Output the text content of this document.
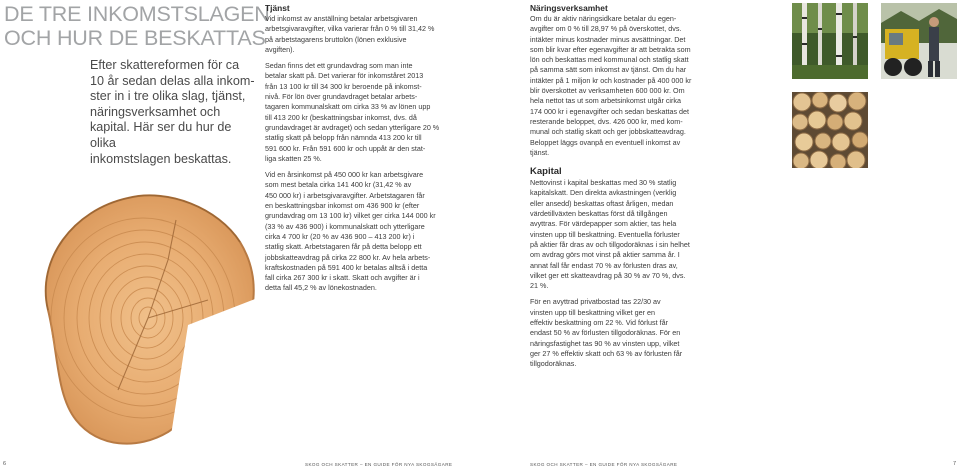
DE TRE INKOMSTSLAGEN
OCH HUR DE BESKATTAS
Efter skattereformen för ca
10 år sedan delas alla inkom-
ster in i tre olika slag, tjänst,
näringsverksamhet och
kapital. Här ser du hur de olika
inkomstslagen beskattas.
Tjänst
Vid inkomst av anställning betalar arbetsgivaren
arbetsgivaravgifter, vilka varierar från 0 % till 31,42 %
på arbetstagarens bruttolön (lönen exklusive
avgiften).
Sedan finns det ett grundavdrag som man inte
betalar skatt på. Det varierar för inkomståret 2013
från 13 100 kr till 34 300 kr beroende på inkomst-
nivå. För lön över grundavdraget betalar arbets-
tagaren kommunalskatt om cirka 33 % av lönen upp
till 413 200 kr (beskattningsbar inkomst, dvs. då
grundavdraget är avdraget) och sedan ytterligare 20 %
statlig skatt på belopp från nämnda 413 200 kr till
591 600 kr. Från 591 600 kr och uppåt är den stat-
liga skatten 25 %.
Vid en årsinkomst på 450 000 kr kan arbetsgivare
som mest betala cirka 141 400 kr (31,42 % av
450 000 kr) i arbetsgivaravgifter. Arbetstagaren får
en beskattningsbar inkomst om 436 900 kr (efter
grundavdrag om 13 100 kr) vilket ger cirka 144 000 kr
(33 % av 436 900) i kommunalskatt och ytterligare
cirka 4 700 kr (20 % av 436 900 – 413 200 kr) i
statlig skatt. Arbetstagaren får på detta belopp ett
jobbskatteavdrag på cirka 22 800 kr. Av hela arbets-
kraftskostnaden på 591 400 kr betalas alltså i detta
fall cirka 267 300 kr i skatt. Skatt och avgifter är i
detta fall 45,2 % av lönekostnaden.
Näringsverksamhet
Om du är aktiv näringsidkare betalar du egen-
avgifter om 0 % till 28,97 % på överskottet, dvs.
intäkter minus kostnader minus avsättningar. Det
som blir kvar efter egenavgifter är att betrakta som
lön och beskattas med kommunal och statlig skatt
på samma sätt som inkomst av tjänst. Om du har
intäkter på 1 miljon kr och kostnader på 400 000 kr
blir överskottet av verksamheten 600 000 kr. Om
hela nettot tas ut som arbetsinkomst utgår cirka
174 000 kr i egenavgifter och sedan beskattas det
resterande beloppet, dvs. 426 000 kr, med kom-
munal och statlig skatt och ger jobbskatteavdrag.
Beloppet läggs ovanpå en eventuell inkomst av
tjänst.
Kapital
Nettovinst i kapital beskattas med 30 % statlig
kapitalskatt. Den direkta avkastningen (verklig
eller ansedd) beskattas oftast årligen, medan
värdetillväxten beskattas först då tillgången
avyttras. För värdepapper som aktier, tas hela
vinsten upp till beskattning. Eventuella förluster
på aktier får dras av och tillgodoräknas i sin helhet
om avdrag görs mot vinst på aktier samma år. I
annat fall får endast 70 % av förlusten dras av,
vilket ger ett skatteavdrag på 30 % av 70 %, dvs.
21 %.
För en avyttrad privatbostad tas 22/30 av
vinsten upp till beskattning vilket ger en
effektiv beskattning om 22 %. Vid förlust får
endast 50 % av förlusten tillgodoräknas. För en
näringsfastighet tas 90 % av vinsten upp, vilket
ger 27 % effektiv skatt och 63 % av förlusten får
tillgodoräknas.
6	SKOG OCH SKATTER – EN GUIDE FÖR NYA SKOGSÄGARE	SKOG OCH SKATTER – EN GUIDE FÖR NYA SKOGSÄGARE	7
